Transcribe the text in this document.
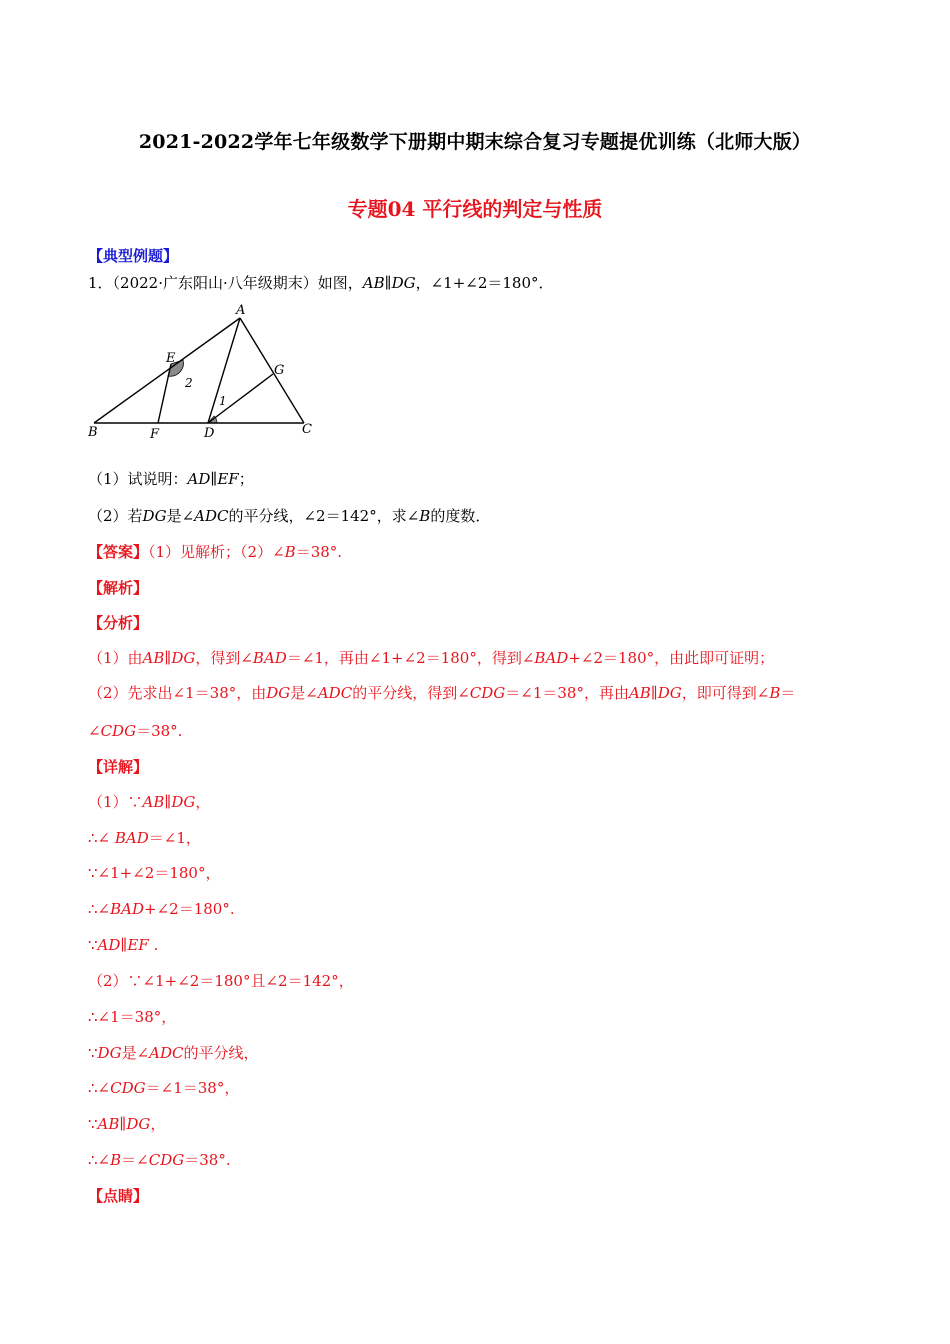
2021-2022学年七年级数学下册期中期末综合复习专题提优训练（北师大版）
专题04 平行线的判定与性质
【典型例题】
1．（2022·广东阳山·八年级期末）如图，AB∥DG，∠1+∠2＝180°．
A
B	C
D
E
F
G
1
2
（1）试说明：AD∥EF；
（2）若DG是∠ADC的平分线，∠2＝142°，求∠B的度数．
【答案】（1）见解析；（2）∠B＝38°.
【解析】
【分析】
（1）由AB∥DG，得到∠BAD＝∠1，再由∠1+∠2＝180°，得到∠BAD+∠2＝180°，由此即可证明；
（2）先求出∠1＝38°，由DG是∠ADC的平分线，得到∠CDG＝∠1＝38°，再由AB∥DG，即可得到∠B＝
∠CDG＝38°.
【详解】
（1）∵AB∥DG，
∴∠ BAD＝∠1，
∵∠1+∠2＝180°，
∴∠BAD+∠2＝180°.
∵AD∥EF .
（2）∵∠1+∠2＝180°且∠2＝142°，
∴∠1＝38°，
∵DG是∠ADC的平分线，
∴∠CDG＝∠1＝38°，
∵AB∥DG，
∴∠B＝∠CDG＝38°.
【点睛】
